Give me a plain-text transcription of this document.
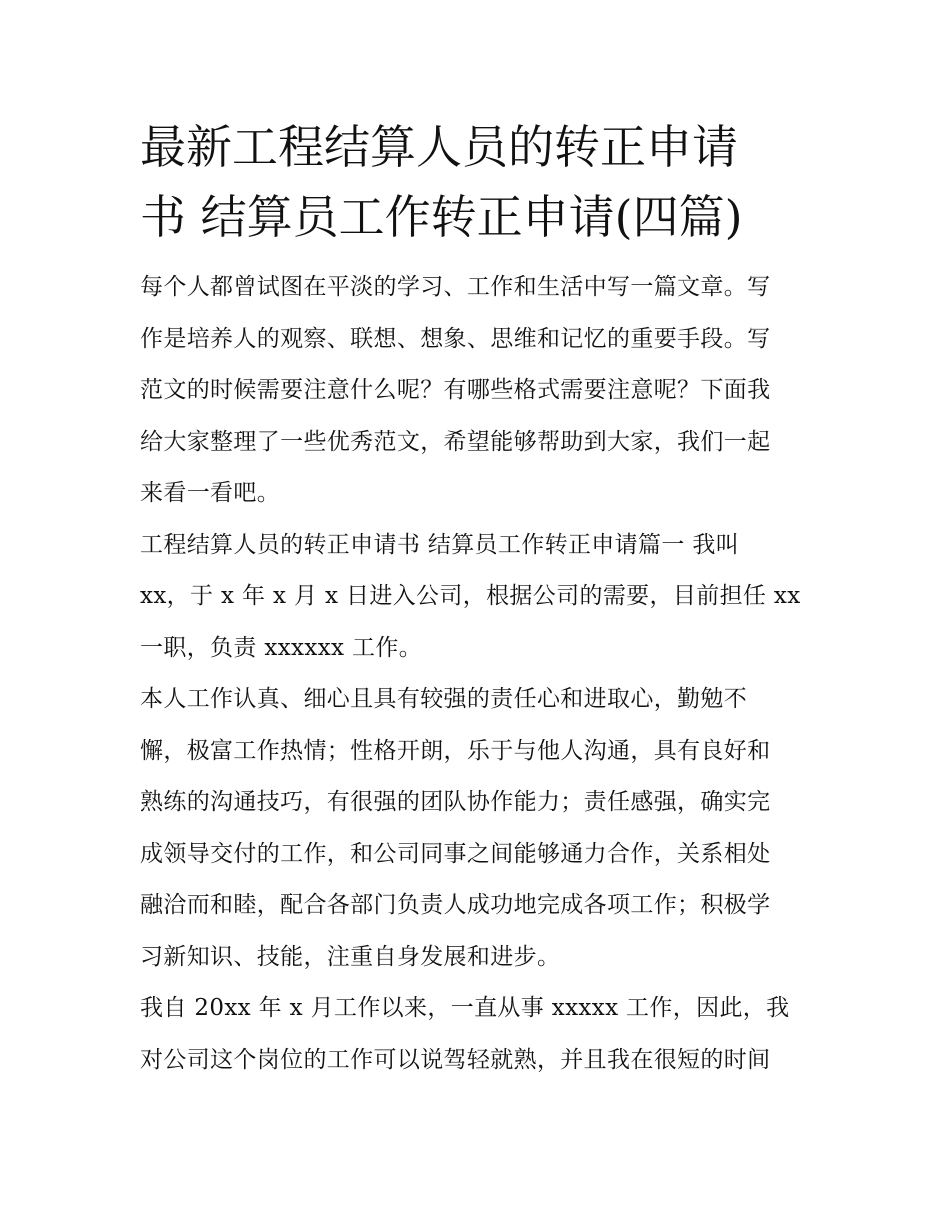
最新工程结算人员的转正申请
书 结算员工作转正申请(四篇)
每个人都曾试图在平淡的学习、工作和生活中写一篇文章。写
作是培养人的观察、联想、想象、思维和记忆的重要手段。写
范文的时候需要注意什么呢？有哪些格式需要注意呢？下面我
给大家整理了一些优秀范文，希望能够帮助到大家，我们一起
来看一看吧。
工程结算人员的转正申请书 结算员工作转正申请篇一 我叫
xx，于 x 年 x 月 x 日进入公司，根据公司的需要，目前担任 xx
一职，负责 xxxxxx 工作。
本人工作认真、细心且具有较强的责任心和进取心，勤勉不
懈，极富工作热情；性格开朗，乐于与他人沟通，具有良好和
熟练的沟通技巧，有很强的团队协作能力；责任感强，确实完
成领导交付的工作，和公司同事之间能够通力合作，关系相处
融洽而和睦，配合各部门负责人成功地完成各项工作；积极学
习新知识、技能，注重自身发展和进步。
我自 20xx 年 x 月工作以来，一直从事 xxxxx 工作，因此，我
对公司这个岗位的工作可以说驾轻就熟，并且我在很短的时间
